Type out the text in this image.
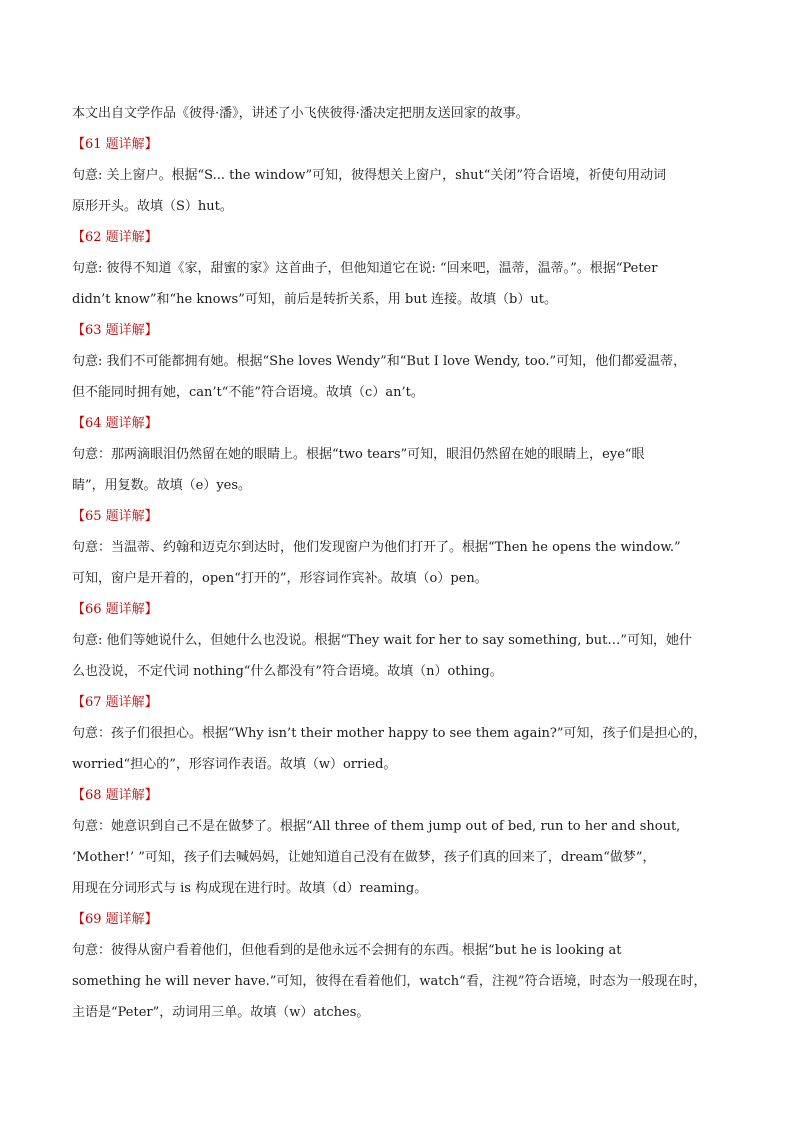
本文出自文学作品《彼得·潘》，讲述了小飞侠彼得·潘决定把朋友送回家的故事。
【61 题详解】
句意: 关上窗户。根据“S... the window”可知，彼得想关上窗户，shut“关闭”符合语境，祈使句用动词
原形开头。故填（S）hut。
【62 题详解】
句意: 彼得不知道《家，甜蜜的家》这首曲子，但他知道它在说: “回来吧，温蒂，温蒂。”。根据“Peter
didn’t know”和“he knows”可知，前后是转折关系，用 but 连接。故填（b）ut。
【63 题详解】
句意: 我们不可能都拥有她。根据“She loves Wendy”和“But I love Wendy, too.”可知，他们都爱温蒂，
但不能同时拥有她，can’t“不能”符合语境。故填（c）an’t。
【64 题详解】
句意：那两滴眼泪仍然留在她的眼睛上。根据“two tears”可知，眼泪仍然留在她的眼睛上，eye“眼
睛”，用复数。故填（e）yes。
【65 题详解】
句意：当温蒂、约翰和迈克尔到达时，他们发现窗户为他们打开了。根据“Then he opens the window.”
可知，窗户是开着的，open“打开的”，形容词作宾补。故填（o）pen。
【66 题详解】
句意: 他们等她说什么，但她什么也没说。根据“They wait for her to say something, but…”可知，她什
么也没说，不定代词 nothing“什么都没有”符合语境。故填（n）othing。
【67 题详解】
句意：孩子们很担心。根据“Why isn’t their mother happy to see them again?”可知，孩子们是担心的，
worried“担心的”，形容词作表语。故填（w）orried。
【68 题详解】
句意：她意识到自己不是在做梦了。根据“All three of them jump out of bed, run to her and shout,
‘Mother!’ ”可知，孩子们去喊妈妈，让她知道自己没有在做梦，孩子们真的回来了，dream“做梦”，
用现在分词形式与 is 构成现在进行时。故填（d）reaming。
【69 题详解】
句意：彼得从窗户看着他们，但他看到的是他永远不会拥有的东西。根据“but he is looking at
something he will never have.”可知，彼得在看着他们，watch“看，注视”符合语境，时态为一般现在时，
主语是“Peter”，动词用三单。故填（w）atches。
